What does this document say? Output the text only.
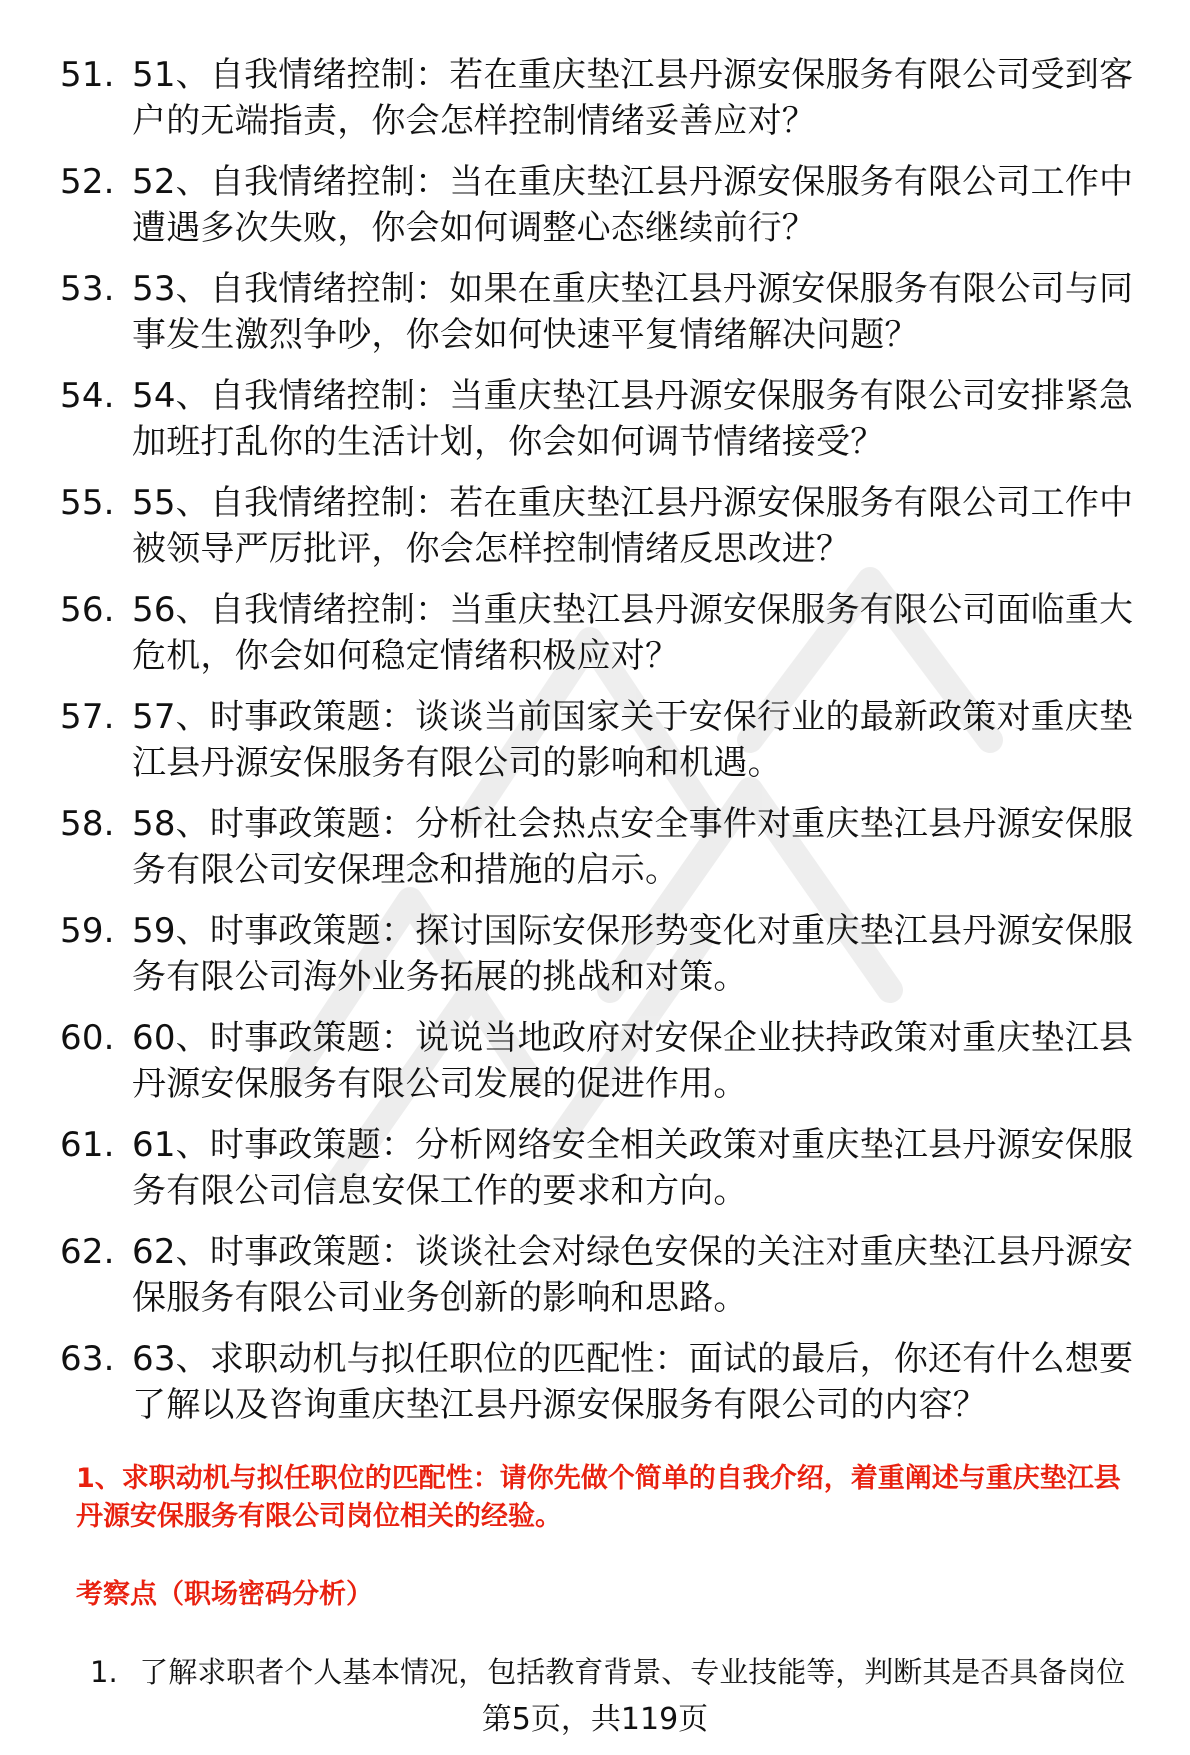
51. 51、自我情绪控制：若在重庆垫江县丹源安保服务有限公司受到客户的无端指责，你会怎样控制情绪妥善应对？
52. 52、自我情绪控制：当在重庆垫江县丹源安保服务有限公司工作中遭遇多次失败，你会如何调整心态继续前行？
53. 53、自我情绪控制：如果在重庆垫江县丹源安保服务有限公司与同事发生激烈争吵，你会如何快速平复情绪解决问题？
54. 54、自我情绪控制：当重庆垫江县丹源安保服务有限公司安排紧急加班打乱你的生活计划，你会如何调节情绪接受？
55. 55、自我情绪控制：若在重庆垫江县丹源安保服务有限公司工作中被领导严厉批评，你会怎样控制情绪反思改进？
56. 56、自我情绪控制：当重庆垫江县丹源安保服务有限公司面临重大危机，你会如何稳定情绪积极应对？
57. 57、时事政策题：谈谈当前国家关于安保行业的最新政策对重庆垫江县丹源安保服务有限公司的影响和机遇。
58. 58、时事政策题：分析社会热点安全事件对重庆垫江县丹源安保服务有限公司安保理念和措施的启示。
59. 59、时事政策题：探讨国际安保形势变化对重庆垫江县丹源安保服务有限公司海外业务拓展的挑战和对策。
60. 60、时事政策题：说说当地政府对安保企业扶持政策对重庆垫江县丹源安保服务有限公司发展的促进作用。
61. 61、时事政策题：分析网络安全相关政策对重庆垫江县丹源安保服务有限公司信息安保工作的要求和方向。
62. 62、时事政策题：谈谈社会对绿色安保的关注对重庆垫江县丹源安保服务有限公司业务创新的影响和思路。
63. 63、求职动机与拟任职位的匹配性：面试的最后，你还有什么想要了解以及咨询重庆垫江县丹源安保服务有限公司的内容？
1、求职动机与拟任职位的匹配性：请你先做个简单的自我介绍，着重阐述与重庆垫江县丹源安保服务有限公司岗位相关的经验。
考察点（职场密码分析）
1. 了解求职者个人基本情况，包括教育背景、专业技能等，判断其是否具备岗位
第5页，共119页
